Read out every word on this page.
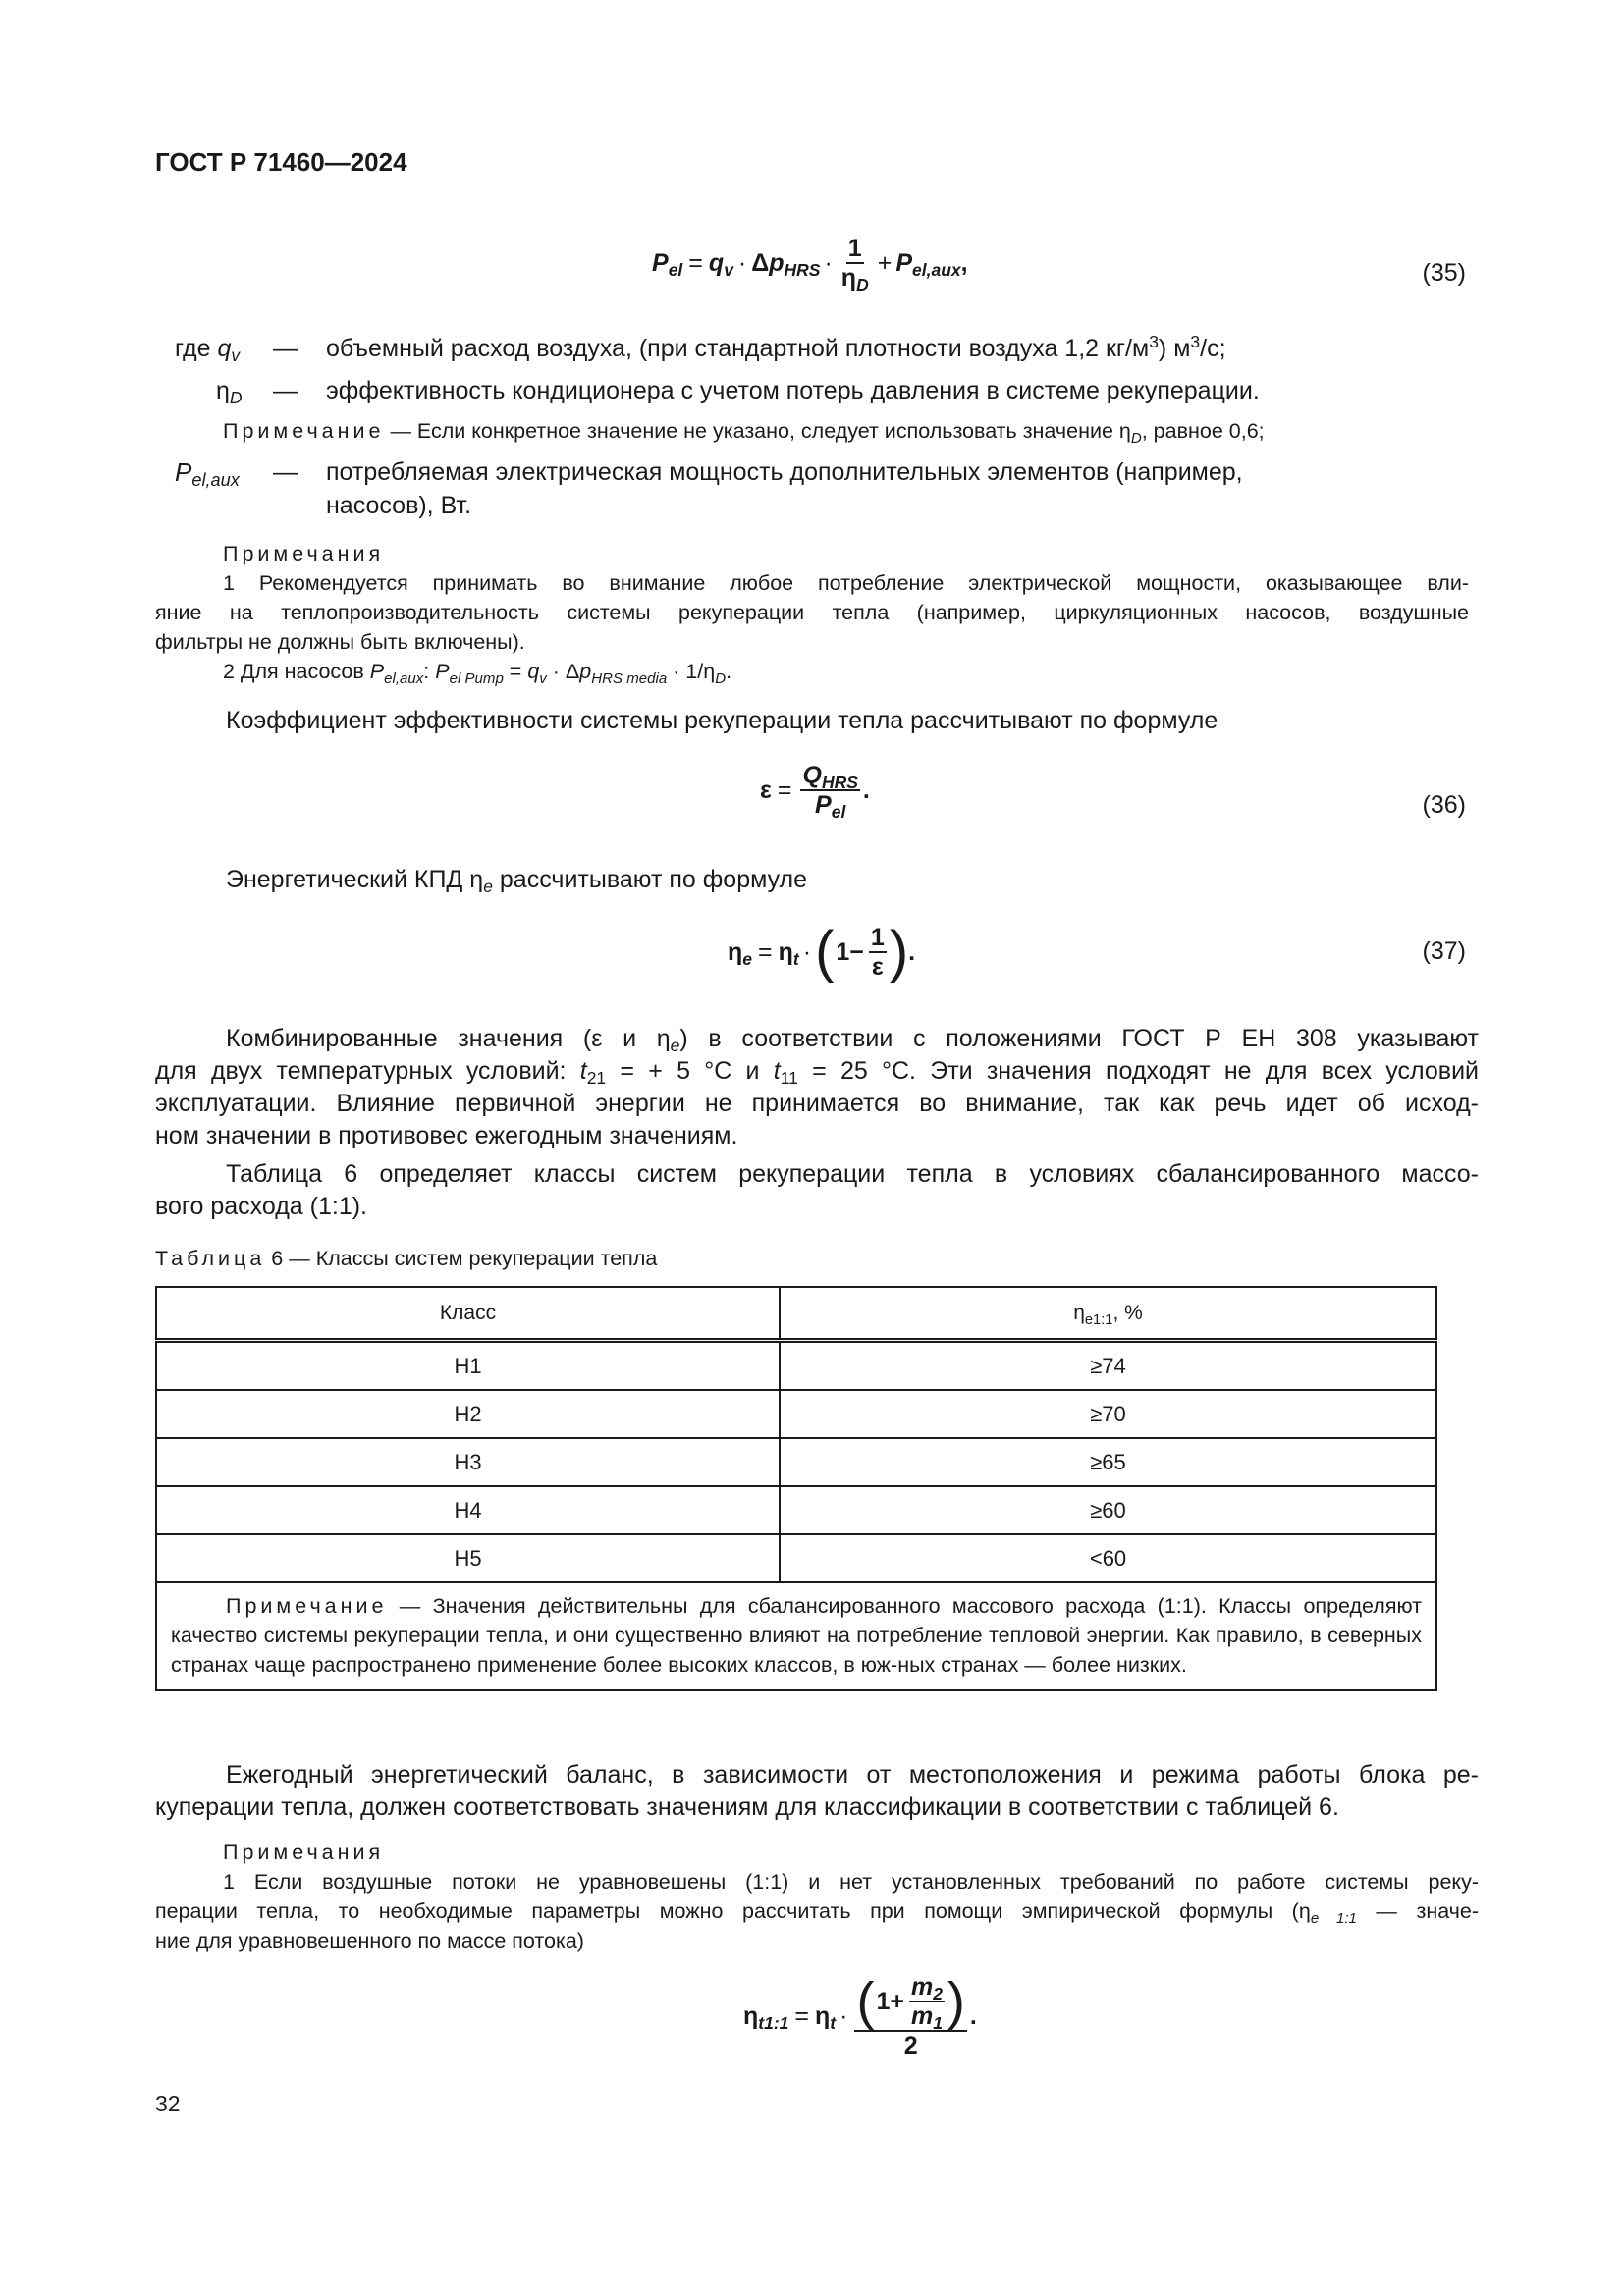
ГОСТ Р 71460—2024
$P_{el} = q_v \cdot \Delta$ $p_{HRS} \cdot \frac{1}{\eta_D} + P_{el,aux}$ ,	(35)
где $q_v$ — объемный расход воздуха, (при стандартной плотности воздуха 1,2 $кг/м^3$) $м^3/с$;
$\eta_D$ — эффективность кондиционера с учетом потерь давления в системе рекуперации.
Примечание — Если конкретное значение не указано, следует использовать значение $\eta_D$, равное 0,6;
$P_{el,aux}$ — потребляемая электрическая мощность дополнительных элементов (например,
насосов), Вт.
Примечания
1 Рекомендуется принимать во внимание любое потребление электрической мощности, оказывающее вли-
яние на теплопроизводительность системы рекуперации тепла (например, циркуляционных насосов, воздушные
фильтры не должны быть включены).
2 Для насосов $P_{el,aux}$: $P_{el Pump} = q_v \cdot \Delta p_{HRS media} \cdot 1/\eta_D$.
Коэффициент эффективности системы рекуперации тепла рассчитывают по формуле
$\varepsilon = \frac{Q_{HRS}}{P_{el}}$ .
(36)
Энергетический КПД $\eta_e$ рассчитывают по формуле
$\eta_e = \eta_t$ · ( $1- \frac{1}{\varepsilon}$ ) .	(37)
Комбинированные значения (ε и $\eta_e$) в соответствии с положениями ГОСТ Р ЕН 308 указывают
для двух температурных условий: $t_{21}$ = + 5 °С и $t_{11} = 25$ °С. Эти значения подходят не для всех условий
эксплуатации. Влияние первичной энергии не принимается во внимание, так как речь идет об исход-
ном значении в противовес ежегодным значениям.
Таблица 6 определяет классы систем рекуперации тепла в условиях сбалансированного массо-
вого расхода (1:1).
Таблица 6 — Классы систем рекуперации тепла
Класс	$\eta_{e1:1}$, %
H1	≥74
H2	≥70
H3	≥65
H4	≥60
H5	<60
Примечание — Значения действительны для сбалансированного массового расхода (1:1). Классы определяют качество системы рекуперации тепла, и они существенно влияют на потребление тепловой энергии. Как правило, в северных странах чаще распространено применение более высоких классов, в юж-ных странах — более низких.	
Ежегодный энергетический баланс, в зависимости от местоположения и режима работы блока ре-
куперации тепла, должен соответствовать значениям для классификации в соответствии с таблицей 6.
Примечания
1 Если воздушные потоки не уравновешены (1:1) и нет установленных требований по работе системы реку-
перации тепла, то необходимые параметры можно рассчитать при помощи эмпирической формулы ($\eta_{e 1:1}$ — значе-
ние для уравновешенного по массе потока)
$\eta_{t1:1} = \eta_t \cdot \frac{( 1+ \frac{m_2}{m_1} )}{2}$ .
32
